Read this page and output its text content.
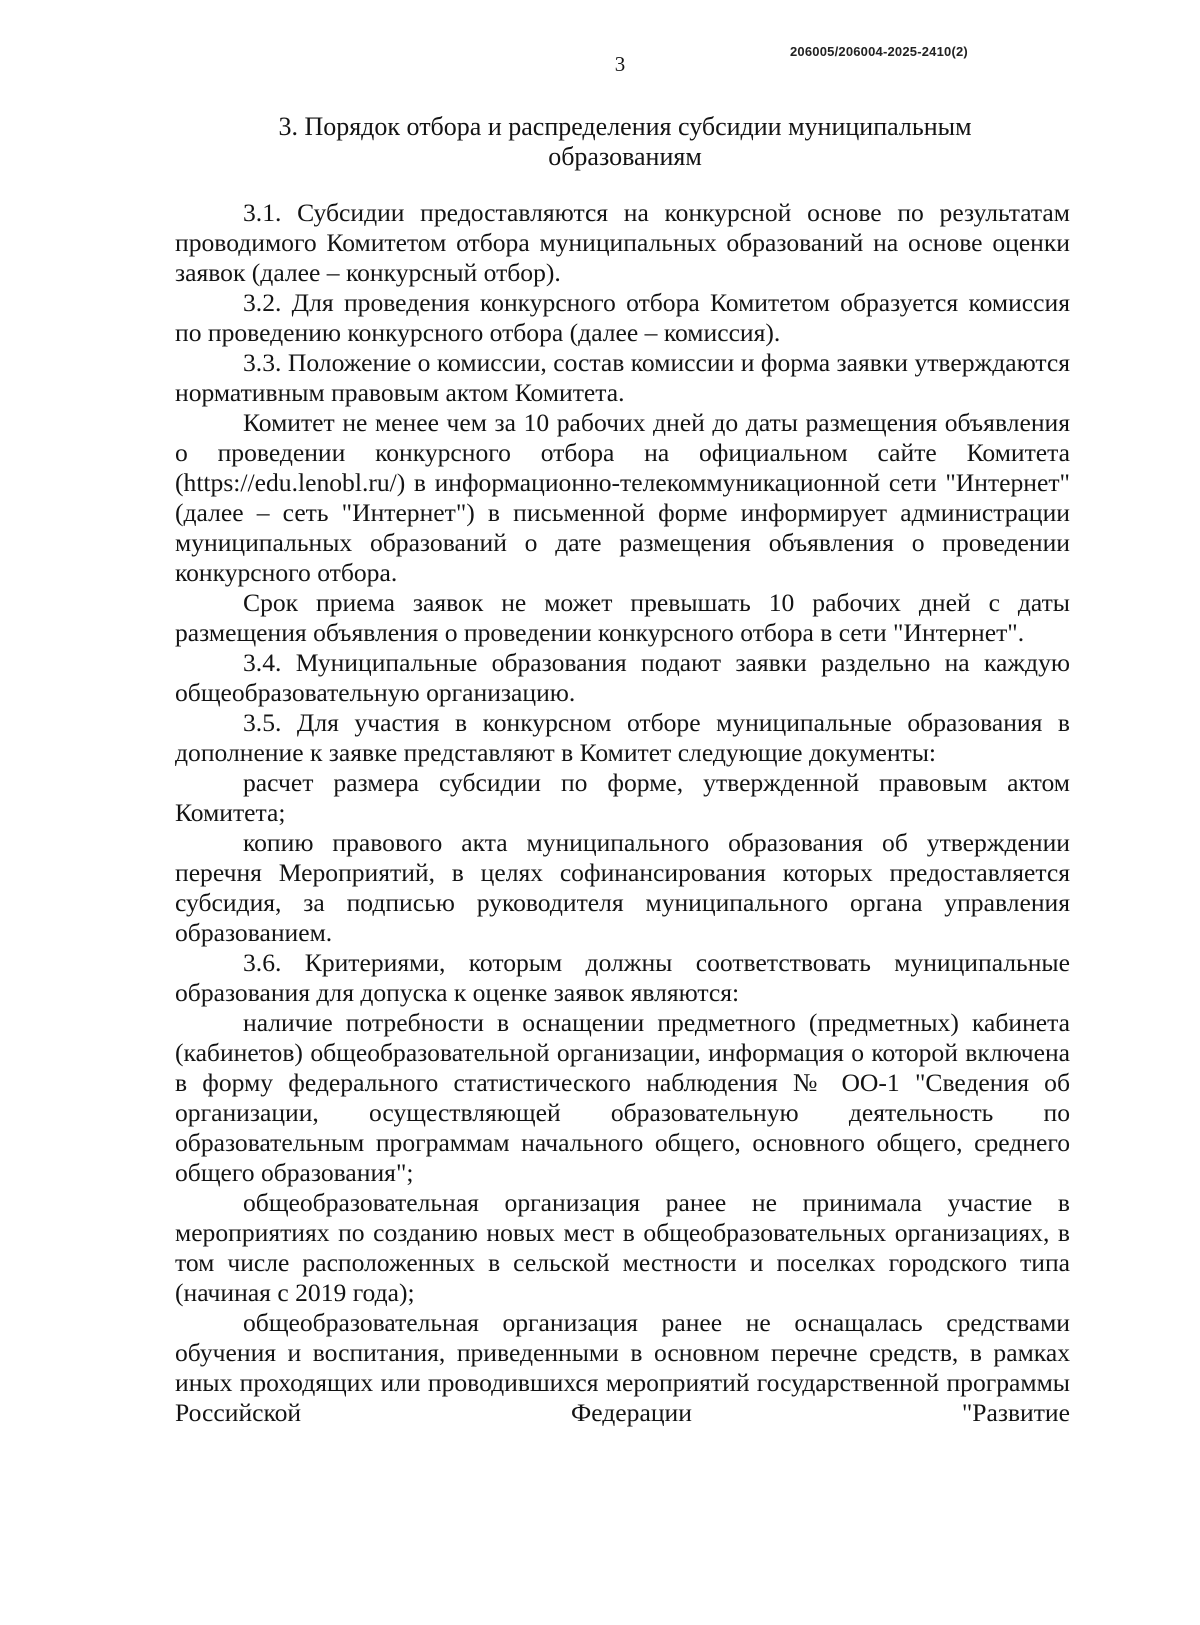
206005/206004-2025-2410(2)
3
3. Порядок отбора и распределения субсидии муниципальным
образованиям

3.1. Субсидии предоставляются на конкурсной основе по результатам проводимого Комитетом отбора муниципальных образований на основе оценки заявок (далее – конкурсный отбор).

3.2. Для проведения конкурсного отбора Комитетом образуется комиссия по проведению конкурсного отбора (далее – комиссия).

3.3. Положение о комиссии, состав комиссии и форма заявки утверждаются нормативным правовым актом Комитета.

Комитет не менее чем за 10 рабочих дней до даты размещения объявления о проведении конкурсного отбора на официальном сайте Комитета (https://edu.lenobl.ru/) в информационно-телекоммуникационной сети "Интернет" (далее – сеть "Интернет") в письменной форме информирует администрации муниципальных образований о дате размещения объявления о проведении конкурсного отбора.

Срок приема заявок не может превышать 10 рабочих дней с даты размещения объявления о проведении конкурсного отбора в сети "Интернет".

3.4. Муниципальные образования подают заявки раздельно на каждую общеобразовательную организацию.

3.5. Для участия в конкурсном отборе муниципальные образования в дополнение к заявке представляют в Комитет следующие документы:

расчет размера субсидии по форме, утвержденной правовым актом Комитета;

копию правового акта муниципального образования об утверждении перечня Мероприятий, в целях софинансирования которых предоставляется субсидия, за подписью руководителя муниципального органа управления образованием.

3.6. Критериями, которым должны соответствовать муниципальные образования для допуска к оценке заявок являются:

наличие потребности в оснащении предметного (предметных) кабинета (кабинетов) общеобразовательной организации, информация о которой включена в форму федерального статистического наблюдения № ОО-1 "Сведения об организации, осуществляющей образовательную деятельность по образовательным программам начального общего, основного общего, среднего общего образования";

общеобразовательная организация ранее не принимала участие в мероприятиях по созданию новых мест в общеобразовательных организациях, в том числе расположенных в сельской местности и поселках городского типа (начиная с 2019 года);

общеобразовательная организация ранее не оснащалась средствами обучения и воспитания, приведенными в основном перечне средств, в рамках иных проходящих или проводившихся мероприятий государственной программы Российской Федерации "Развитие
